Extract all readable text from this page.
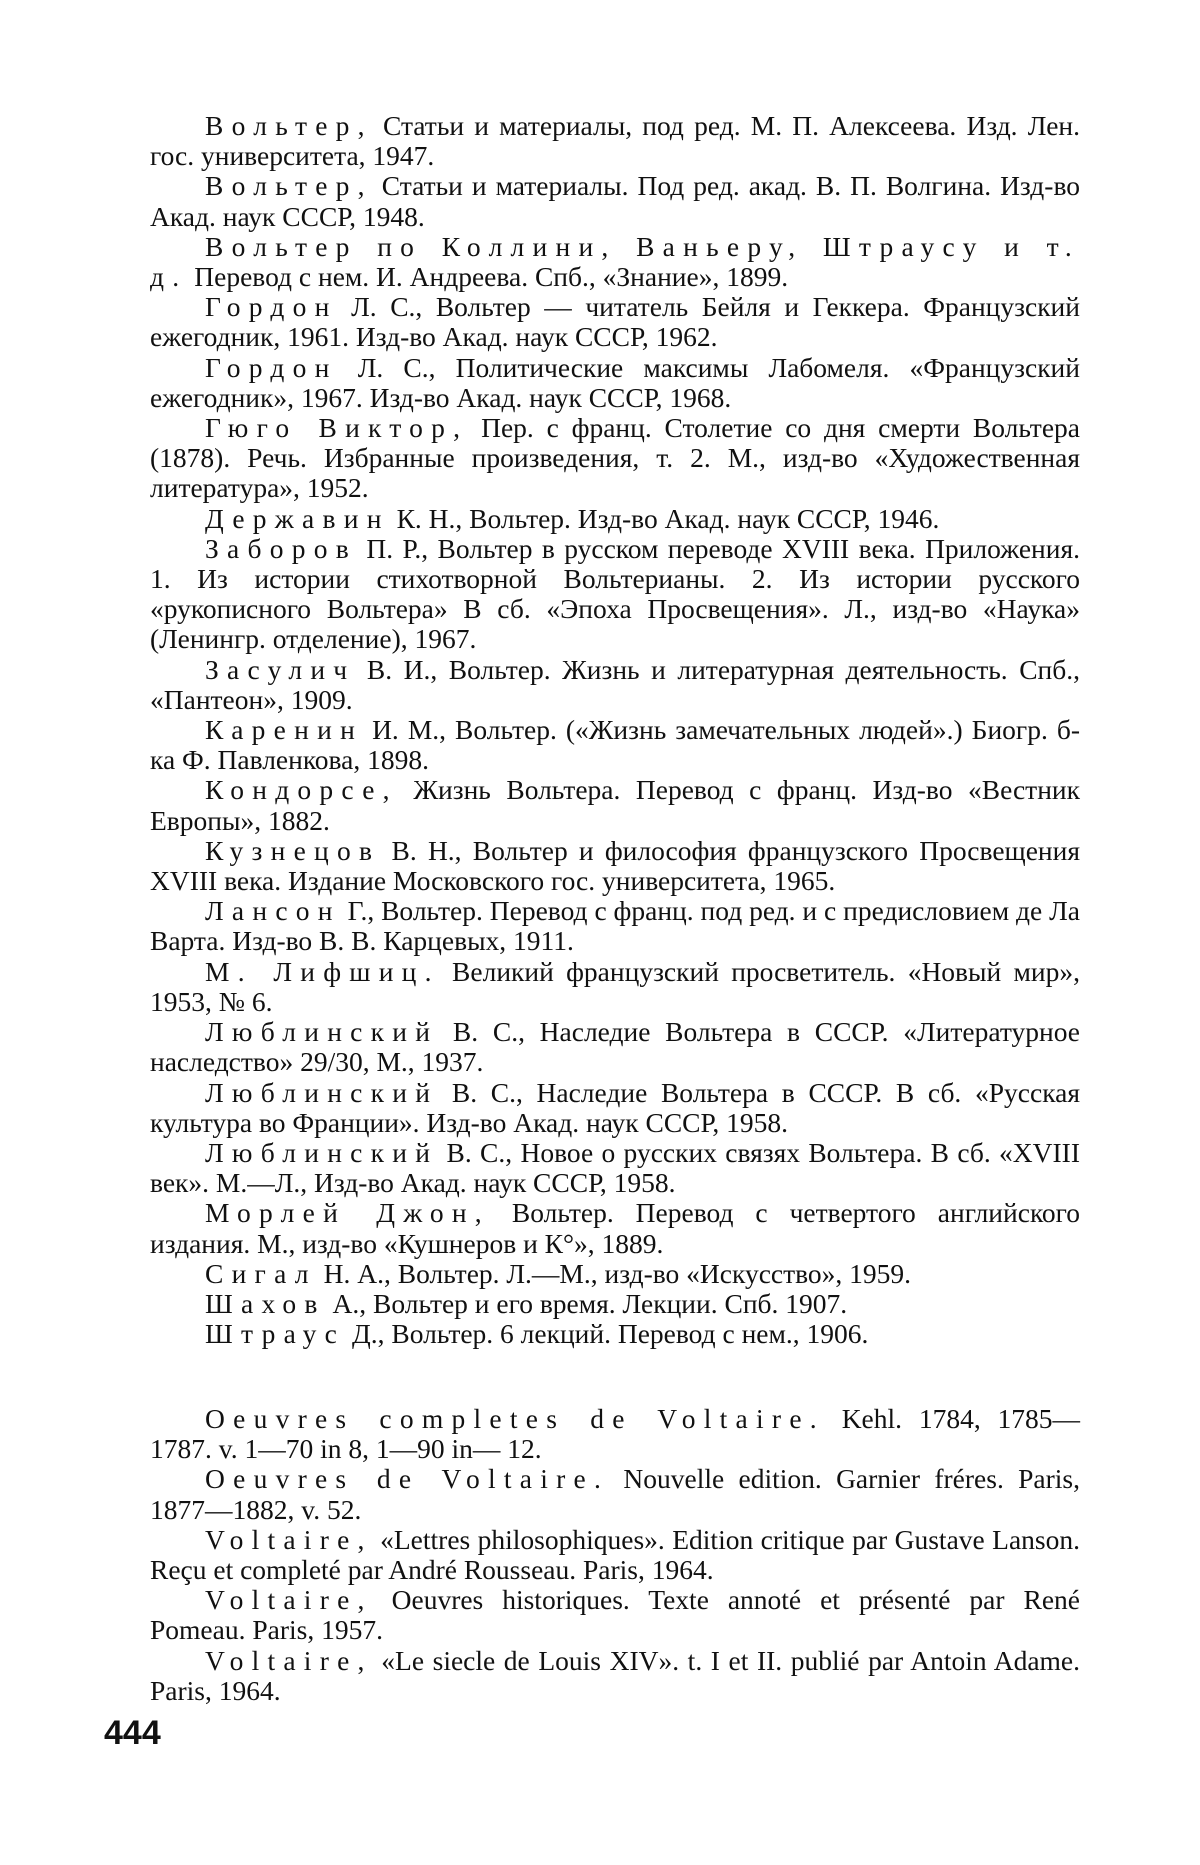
Вольтер, Статьи и материалы, под ред. М. П. Алексеева. Изд. Лен. гос. университета, 1947.

Вольтер, Статьи и материалы. Под ред. акад. В. П. Волгина. Изд-во Акад. наук СССР, 1948.

Вольтер по Коллини, Ваньеру, Штраусу и т. д. Перевод с нем. И. Андреева. Спб., «Знание», 1899.

Гордон Л. С., Вольтер — читатель Бейля и Геккера. Французский ежегодник, 1961. Изд-во Акад. наук СССР, 1962.

Гордон Л. С., Политические максимы Лабомеля. «Французский ежегодник», 1967. Изд-во Акад. наук СССР, 1968.

Гюго Виктор, Пер. с франц. Столетие со дня смерти Вольтера (1878). Речь. Избранные произведения, т. 2. М., изд-во «Художественная литература», 1952.

Державин К. Н., Вольтер. Изд-во Акад. наук СССР, 1946.

Заборов П. Р., Вольтер в русском переводе XVIII века. Приложения. 1. Из истории стихотворной Вольтерианы. 2. Из истории русского «рукописного Вольтера» В сб. «Эпоха Просвещения». Л., изд-во «Наука» (Ленингр. отделение), 1967.

Засулич В. И., Вольтер. Жизнь и литературная деятельность. Спб., «Пантеон», 1909.

Каренин И. М., Вольтер. («Жизнь замечательных людей».) Биогр. б-ка Ф. Павленкова, 1898.

Кондорсе, Жизнь Вольтера. Перевод с франц. Изд-во «Вестник Европы», 1882.

Кузнецов В. Н., Вольтер и философия французского Просвещения XVIII века. Издание Московского гос. университета, 1965.

Лансон Г., Вольтер. Перевод с франц. под ред. и с предисловием де Ла Варта. Изд-во В. В. Карцевых, 1911.

М. Лифшиц. Великий французский просветитель. «Новый мир», 1953, № 6.

Люблинский В. С., Наследие Вольтера в СССР. «Литературное наследство» 29/30, М., 1937.

Люблинский В. С., Наследие Вольтера в СССР. В сб. «Русская культура во Франции». Изд-во Акад. наук СССР, 1958.

Люблинский В. С., Новое о русских связях Вольтера. В сб. «XVIII век». М.—Л., Изд-во Акад. наук СССР, 1958.

Морлей Джон, Вольтер. Перевод с четвертого английского издания. М., изд-во «Кушнеров и К°», 1889.

Сигал Н. А., Вольтер. Л.—М., изд-во «Искусство», 1959.

Шахов А., Вольтер и его время. Лекции. Спб. 1907.

Штраус Д., Вольтер. 6 лекций. Перевод с нем., 1906.

Oeuvres completes de Voltaire. Kehl. 1784, 1785—1787. v. 1—70 in 8, 1—90 in— 12.

Oeuvres de Voltaire. Nouvelle edition. Garnier fréres. Paris, 1877—1882, v. 52.

Voltaire, «Lettres philosophiques». Edition critique par Gustave Lanson. Reçu et completé par André Rousseau. Paris, 1964.

Voltaire, Oeuvres historiques. Texte annoté et présenté par René Pomeau. Paris, 1957.

Voltaire, «Le siecle de Louis XIV». t. I et II. publié par Antoin Adame. Paris, 1964.

444
